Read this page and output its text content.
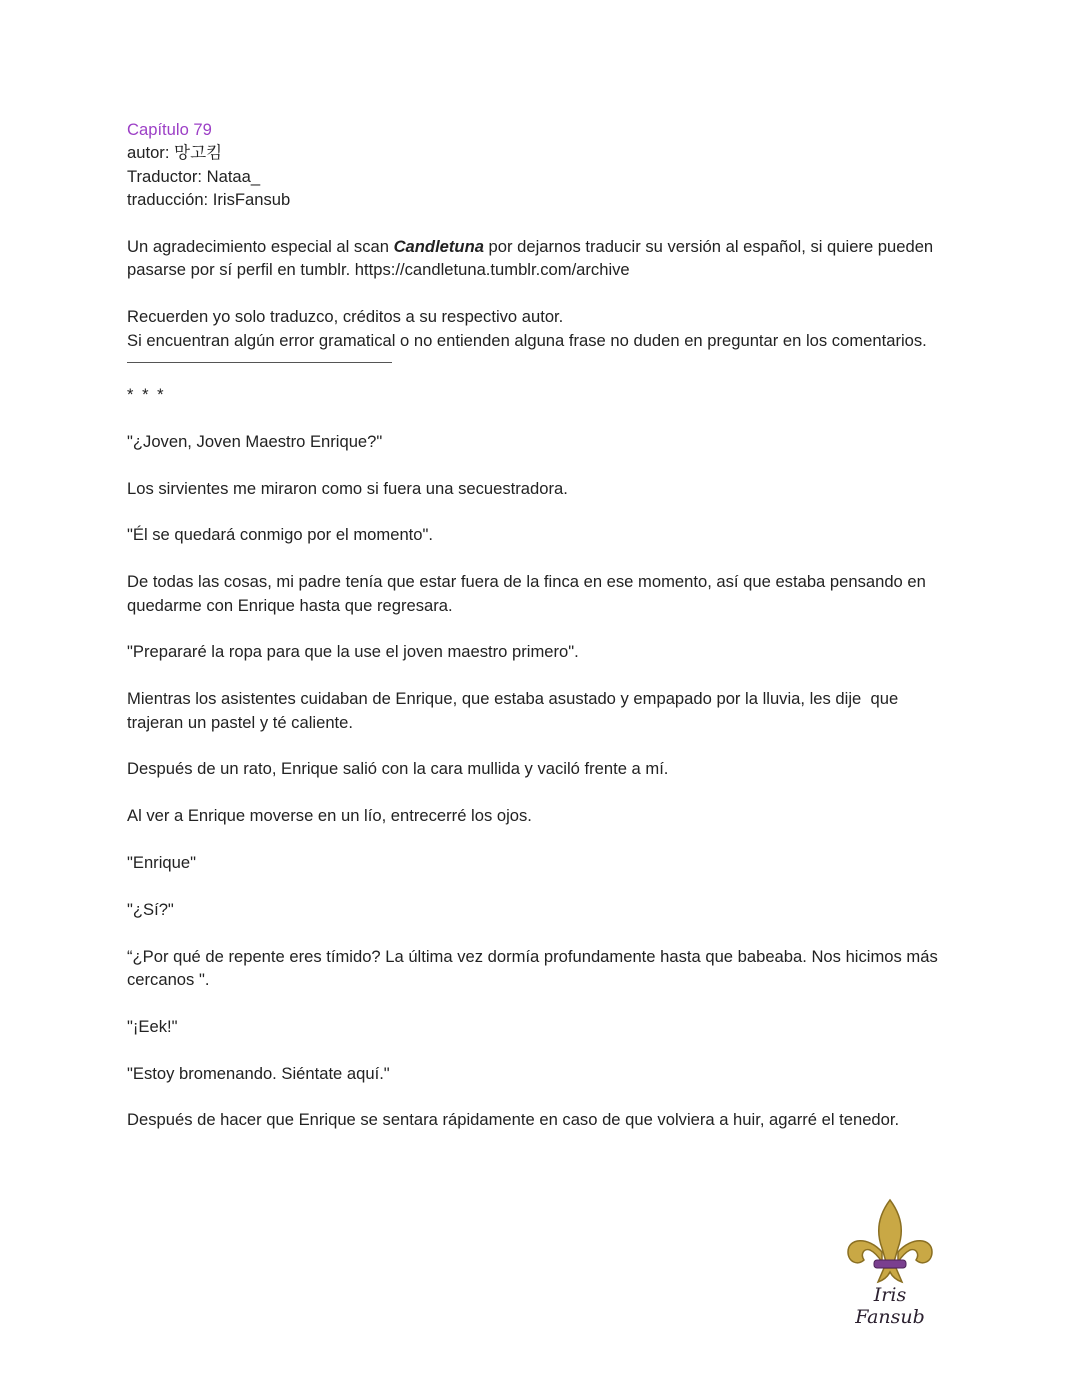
Capítulo 79

autor: 망고킴

Traductor: Nataa_

traducción: IrisFansub

Un agradecimiento especial al scan Candletuna por dejarnos traducir su versión al español, si quiere pueden pasarse por sí perfil en tumblr. https://candletuna.tumblr.com/archive

Recuerden yo solo traduzco, créditos a su respectivo autor.

Si encuentran algún error gramatical o no entienden alguna frase no duden en preguntar en los comentarios.

* * *

"¿Joven, Joven Maestro Enrique?"

Los sirvientes me miraron como si fuera una secuestradora.

"Él se quedará conmigo por el momento".

De todas las cosas, mi padre tenía que estar fuera de la finca en ese momento, así que estaba pensando en quedarme con Enrique hasta que regresara.

"Prepararé la ropa para que la use el joven maestro primero".

Mientras los asistentes cuidaban de Enrique, que estaba asustado y empapado por la lluvia, les dije  que trajeran un pastel y té caliente.

Después de un rato, Enrique salió con la cara mullida y vaciló frente a mí.

Al ver a Enrique moverse en un lío, entrecerré los ojos.

"Enrique"

"¿Sí?"

“¿Por qué de repente eres tímido? La última vez dormía profundamente hasta que babeaba. Nos hicimos más cercanos ".

"¡Eek!"

"Estoy bromenando. Siéntate aquí."

Después de hacer que Enrique se sentara rápidamente en caso de que volviera a huir, agarré el tenedor.

Iris Fansub
